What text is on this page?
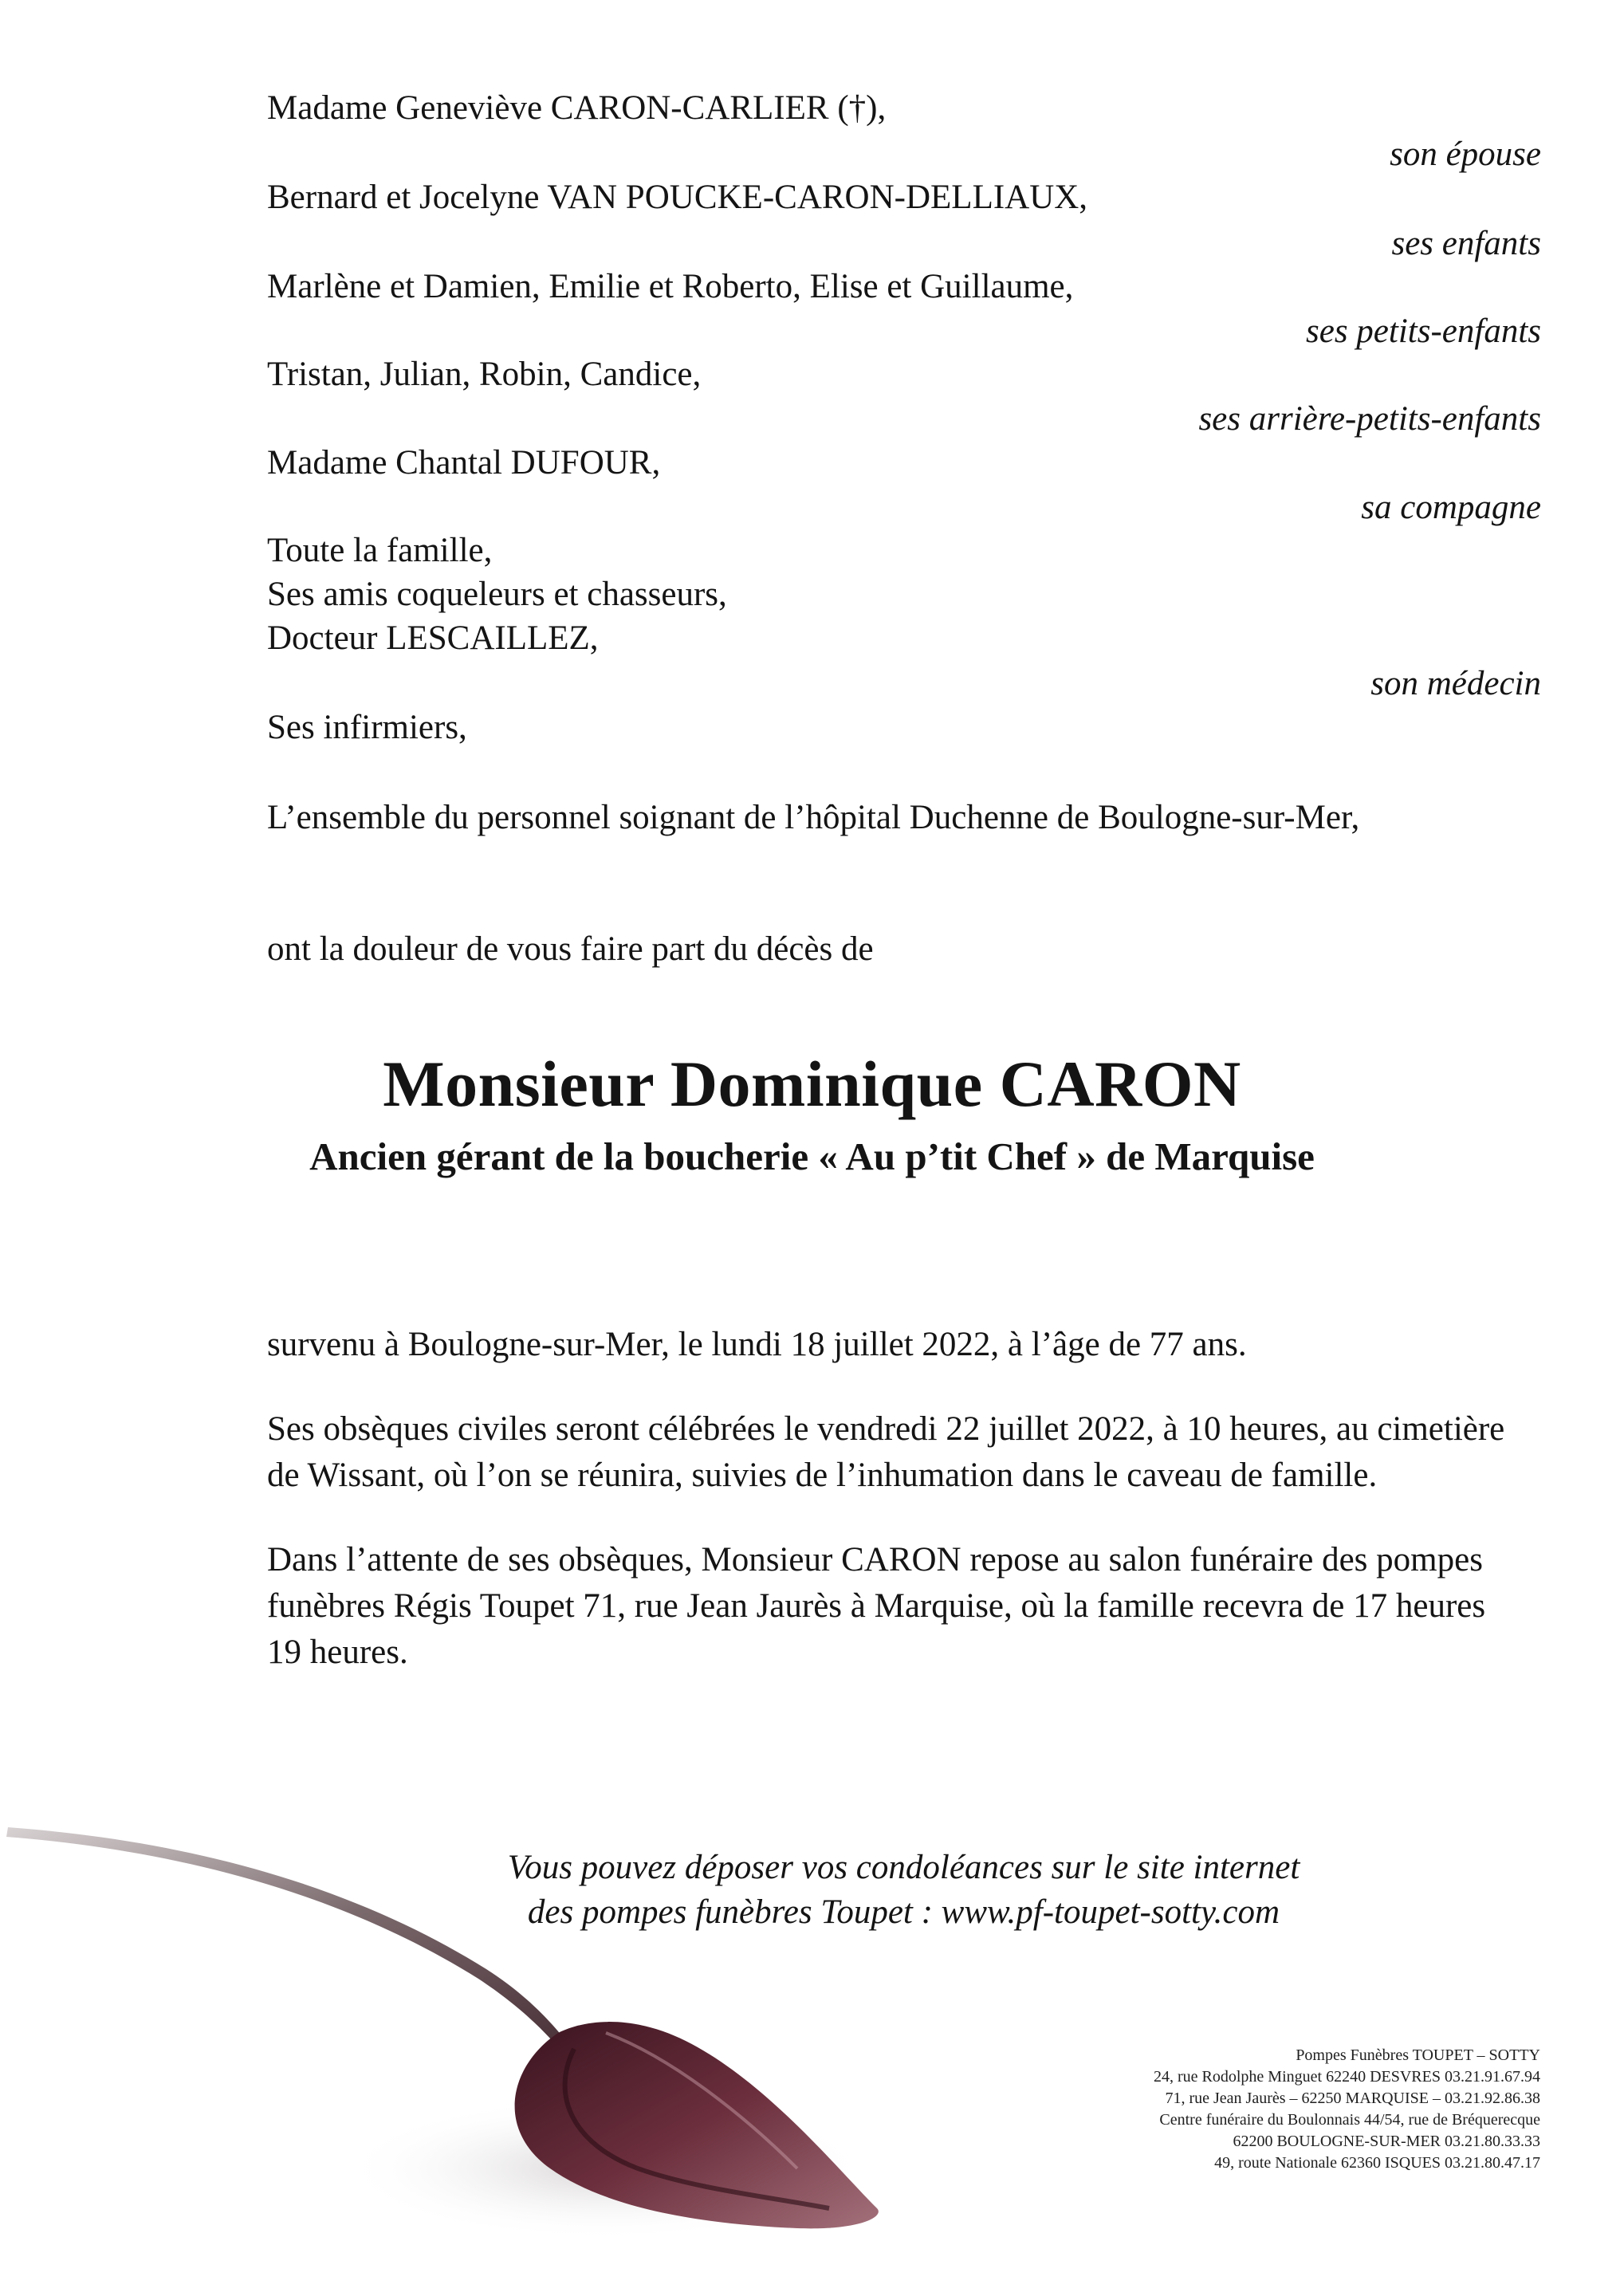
Madame Geneviève CARON-CARLIER (†),
son épouse
Bernard et Jocelyne VAN POUCKE-CARON-DELLIAUX,
ses enfants
Marlène et Damien, Emilie et Roberto, Elise et Guillaume,
ses petits-enfants
Tristan, Julian, Robin, Candice,
ses arrière-petits-enfants
Madame Chantal DUFOUR,
sa compagne
Toute la famille,
Ses amis coqueleurs et chasseurs,
Docteur LESCAILLEZ,
son médecin
Ses infirmiers,
L’ensemble du personnel soignant de l’hôpital Duchenne de Boulogne-sur-Mer,
ont la douleur de vous faire part du décès de
Monsieur Dominique CARON
Ancien gérant de la boucherie « Au p’tit Chef » de Marquise

survenu à Boulogne-sur-Mer, le lundi 18 juillet 2022, à l’âge de 77 ans.

Ses obsèques civiles seront célébrées le vendredi 22 juillet 2022, à 10 heures, au cimetière de Wissant, où l’on se réunira, suivies de l’inhumation dans le caveau de famille.

Dans l’attente de ses obsèques, Monsieur CARON repose au salon funéraire des pompes funèbres Régis Toupet 71, rue Jean Jaurès à Marquise, où la famille recevra de 17 heures 19 heures.

Vous pouvez déposer vos condoléances sur le site internet
des pompes funèbres Toupet : www.pf-toupet-sotty.com
Pompes Funèbres TOUPET – SOTTY
24, rue Rodolphe Minguet 62240 DESVRES 03.21.91.67.94
71, rue Jean Jaurès – 62250 MARQUISE – 03.21.92.86.38
Centre funéraire du Boulonnais 44/54, rue de Bréquerecque
62200 BOULOGNE-SUR-MER 03.21.80.33.33
49, route Nationale 62360 ISQUES 03.21.80.47.17
